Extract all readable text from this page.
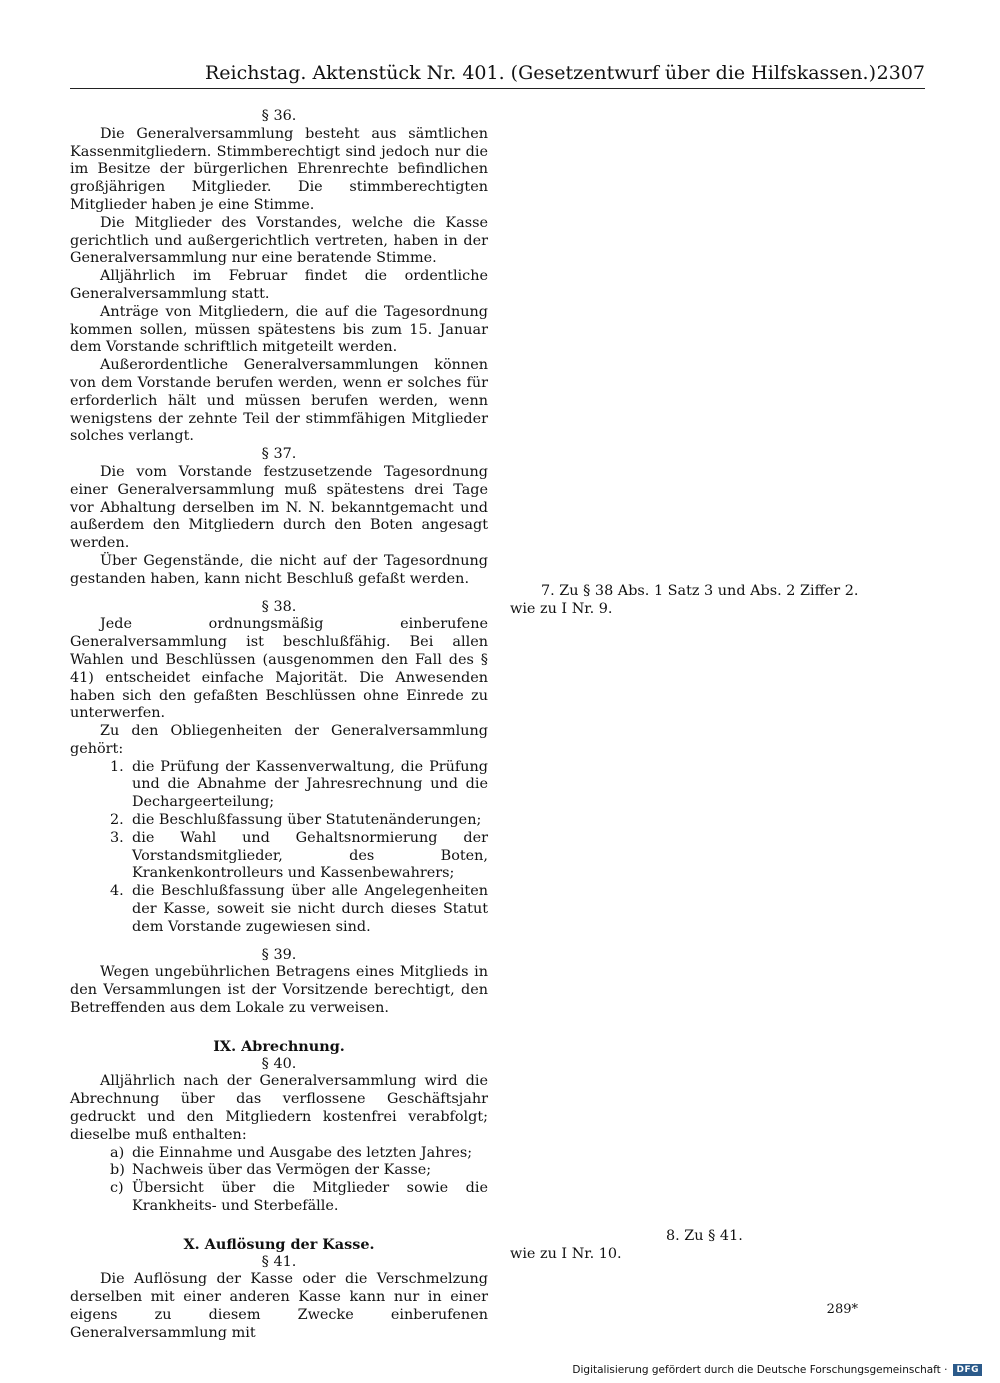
Reichstag. Aktenstück Nr. 401. (Gesetzentwurf über die Hilfskassen.) 2307

§ 36.

Die Generalversammlung besteht aus sämtlichen Kassenmitgliedern. Stimmberechtigt sind jedoch nur die im Besitze der bürgerlichen Ehrenrechte befindlichen großjährigen Mitglieder. Die stimmberechtigten Mitglieder haben je eine Stimme.

Die Mitglieder des Vorstandes, welche die Kasse gerichtlich und außergerichtlich vertreten, haben in der Generalversammlung nur eine beratende Stimme.

Alljährlich im Februar findet die ordentliche Generalversammlung statt.

Anträge von Mitgliedern, die auf die Tagesordnung kommen sollen, müssen spätestens bis zum 15. Januar dem Vorstande schriftlich mitgeteilt werden.

Außerordentliche Generalversammlungen können von dem Vorstande berufen werden, wenn er solches für erforderlich hält und müssen berufen werden, wenn wenigstens der zehnte Teil der stimmfähigen Mitglieder solches verlangt.

§ 37.

Die vom Vorstande festzusetzende Tagesordnung einer Generalversammlung muß spätestens drei Tage vor Abhaltung derselben im N. N. bekanntgemacht und außerdem den Mitgliedern durch den Boten angesagt werden.

Über Gegenstände, die nicht auf der Tagesordnung gestanden haben, kann nicht Beschluß gefaßt werden.

§ 38.

Jede ordnungsmäßig einberufene Generalversammlung ist beschlußfähig. Bei allen Wahlen und Beschlüssen (ausgenommen den Fall des § 41) entscheidet einfache Majorität. Die Anwesenden haben sich den gefaßten Beschlüssen ohne Einrede zu unterwerfen.

Zu den Obliegenheiten der Generalversammlung gehört:

1. die Prüfung der Kassenverwaltung, die Prüfung und die Abnahme der Jahresrechnung und die Dechargeerteilung;

2. die Beschlußfassung über Statutenänderungen;

3. die Wahl und Gehaltsnormierung der Vorstandsmitglieder, des Boten, Krankenkontrolleurs und Kassenbewahrers;

4. die Beschlußfassung über alle Angelegenheiten der Kasse, soweit sie nicht durch dieses Statut dem Vorstande zugewiesen sind.

§ 39.

Wegen ungebührlichen Betragens eines Mitglieds in den Versammlungen ist der Vorsitzende berechtigt, den Betreffenden aus dem Lokale zu verweisen.

IX. Abrechnung.

§ 40.

Alljährlich nach der Generalversammlung wird die Abrechnung über das verflossene Geschäftsjahr gedruckt und den Mitgliedern kostenfrei verabfolgt; dieselbe muß enthalten:

a) die Einnahme und Ausgabe des letzten Jahres;

b) Nachweis über das Vermögen der Kasse;

c) Übersicht über die Mitglieder sowie die Krankheits- und Sterbefälle.

X. Auflösung der Kasse.

§ 41.

Die Auflösung der Kasse oder die Verschmelzung derselben mit einer anderen Kasse kann nur in einer eigens zu diesem Zwecke einberufenen Generalversammlung mit

7. Zu § 38 Abs. 1 Satz 3 und Abs. 2 Ziffer 2.
wie zu I Nr. 9.
8. Zu § 41.
wie zu I Nr. 10.
289*
Digitalisierung gefördert durch die Deutsche Forschungsgemeinschaft ·	DFG
